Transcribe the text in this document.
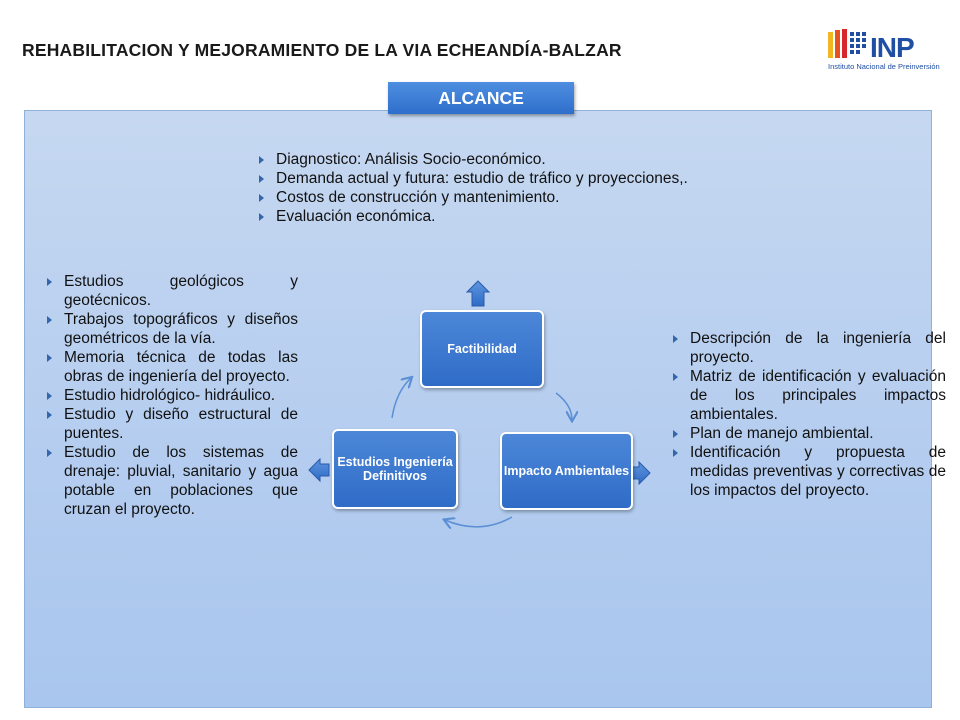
REHABILITACION Y MEJORAMIENTO DE LA VIA ECHEANDÍA-BALZAR	INP
Instituto Nacional de Preinversión
ALCANCE
Diagnostico: Análisis Socio-económico.
Demanda actual y futura: estudio de tráfico y proyecciones,.
Costos de construcción y mantenimiento.
Evaluación económica.
Estudios geológicos y geotécnicos.
Trabajos topográficos y diseños geométricos de la vía.
Memoria técnica de todas las obras de ingeniería del proyecto.
Estudio hidrológico- hidráulico.
Estudio y diseño estructural de puentes.
Estudio de los sistemas de drenaje: pluvial, sanitario y agua potable en poblaciones que cruzan el proyecto.
Descripción de la ingeniería del proyecto.
Matriz de identificación y evaluación de los principales impactos ambientales.
Plan de manejo ambiental.
Identificación y propuesta de medidas preventivas y correctivas de los impactos del proyecto.
Factibilidad
Impacto Ambientales
Estudios Ingeniería Definitivos
